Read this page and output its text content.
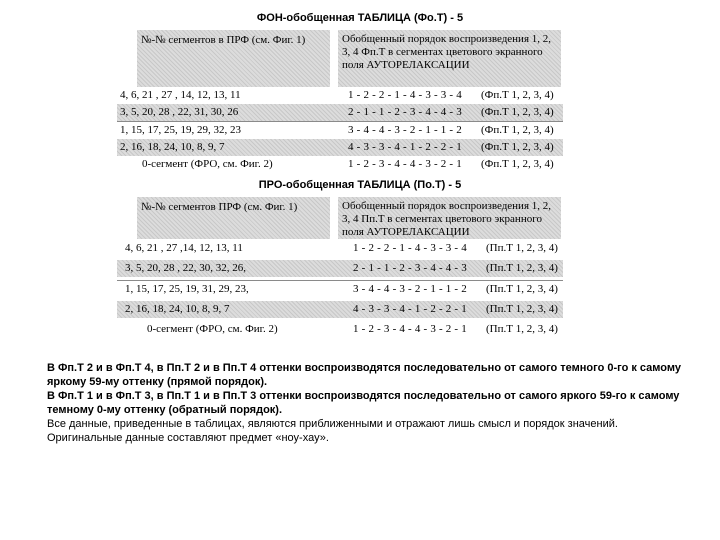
ФОН-обобщенная ТАБЛИЦА (Фо.Т) - 5
№-№ сегментов в ПРФ (см. Фиг. 1)	Обобщенный порядок воспроизведения 1, 2, 3, 4 Фп.Т в сегментах цветового экранного поля АУТОРЕЛАКСАЦИИ
4, 6, 21 , 27 , 14, 12, 13, 11	1 - 2 - 2 - 1 - 4 - 3 - 3 - 4 (Фп.Т 1, 2, 3, 4)
3, 5, 20, 28 , 22, 31, 30, 26	2 - 1 - 1 - 2 - 3 - 4 - 4 - 3 (Фп.Т 1, 2, 3, 4)
1, 15, 17, 25, 19, 29, 32, 23	3 - 4 - 4 - 3 - 2 - 1 - 1 - 2 (Фп.Т 1, 2, 3, 4)
2, 16, 18, 24, 10, 8, 9, 7	4 - 3 - 3 - 4 - 1 - 2 - 2 - 1 (Фп.Т 1, 2, 3, 4)
0-сегмент (ФРО, см. Фиг. 2)	1 - 2 - 3 - 4 - 4 - 3 - 2 - 1 (Фп.Т 1, 2, 3, 4)
ПРО-обобщенная ТАБЛИЦА (По.Т) - 5
№-№ сегментов ПРФ (см. Фиг. 1)	Обобщенный порядок воспроизведения 1, 2, 3, 4 Пп.Т в сегментах цветового экранного поля АУТОРЕЛАКСАЦИИ
4, 6, 21 , 27 ,14, 12, 13, 11	1 - 2 - 2 - 1 - 4 - 3 - 3 - 4 (Пп.Т 1, 2, 3, 4)
3, 5, 20, 28 , 22, 30, 32, 26,	2 - 1 - 1 - 2 - 3 - 4 - 4 - 3 (Пп.Т 1, 2, 3, 4)
1, 15, 17, 25, 19, 31, 29, 23,	3 - 4 - 4 - 3 - 2 - 1 - 1 - 2 (Пп.Т 1, 2, 3, 4)
2, 16, 18, 24, 10, 8, 9, 7	4 - 3 - 3 - 4 - 1 - 2 - 2 - 1 (Пп.Т 1, 2, 3, 4)
0-сегмент (ФРО, см. Фиг. 2)	1 - 2 - 3 - 4 - 4 - 3 - 2 - 1 (Пп.Т 1, 2, 3, 4)

В Фп.Т 2 и в Фп.Т 4, в Пп.Т 2 и в Пп.Т 4 оттенки воспроизводятся последовательно от самого темного 0-го к самому яркому 59-му оттенку (прямой порядок).

В Фп.Т 1 и в Фп.Т 3, в Пп.Т 1 и в Пп.Т 3 оттенки воспроизводятся последовательно от самого яркого 59-го к самому темному 0-му оттенку (обратный порядок).

Все данные, приведенные в таблицах, являются приближенными и отражают лишь смысл и порядок значений. Оригинальные данные составляют предмет «ноу-хау».
